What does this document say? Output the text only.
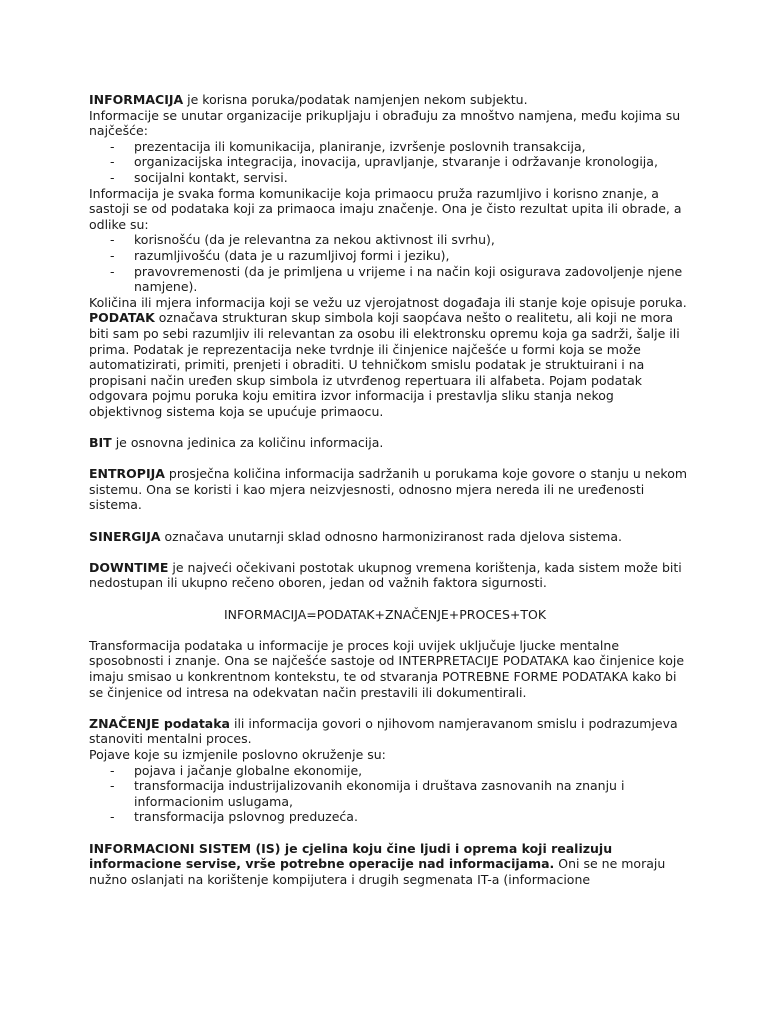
INFORMACIJA je korisna poruka/podatak namjenjen nekom subjektu.

Informacije se unutar organizacije prikupljaju i obrađuju za mnoštvo namjena, među kojima su najčešće:

- prezentacija ili komunikacija, planiranje, izvršenje poslovnih transakcija,
- organizacijska integracija, inovacija, upravljanje, stvaranje i održavanje kronologija,
- socijalni kontakt, servisi.

Informacija je svaka forma komunikacije koja primaocu pruža razumljivo i korisno znanje, a sastoji se od podataka koji za primaoca imaju značenje. Ona je čisto rezultat upita ili obrade, a odlike su:

- korisnošću (da je relevantna za nekou aktivnost ili svrhu),
- razumljivošću (data je u razumljivoj formi i jeziku),
- pravovremenosti (da je primljena u vrijeme i na način koji osigurava zadovoljenje njene namjene).

Količina ili mjera informacija koji se vežu uz vjerojatnost događaja ili stanje koje opisuje poruka.

PODATAK označava strukturan skup simbola koji saopćava nešto o realitetu, ali koji ne mora biti sam po sebi razumljiv ili relevantan za osobu ili elektronsku opremu koja ga sadrži, šalje ili prima. Podatak je reprezentacija neke tvrdnje ili činjenice najčešće u formi koja se može automatizirati, primiti, prenjeti i obraditi. U tehničkom smislu podatak je struktuirani i na propisani način uređen skup simbola iz utvrđenog repertuara ili alfabeta. Pojam podatak odgovara pojmu poruka koju emitira izvor informacija i prestavlja sliku stanja nekog objektivnog sistema koja se upućuje primaocu.

BIT je osnovna jedinica za količinu informacija.

ENTROPIJA prosječna količina informacija sadržanih u porukama koje govore o stanju u nekom sistemu. Ona se koristi i kao mjera neizvjesnosti, odnosno mjera nereda ili ne uređenosti sistema.

SINERGIJA označava unutarnji sklad odnosno harmoniziranost rada djelova sistema.

DOWNTIME je najveći očekivani postotak ukupnog vremena korištenja, kada sistem može biti nedostupan ili ukupno rečeno oboren, jedan od važnih faktora sigurnosti.

INFORMACIJA=PODATAK+ZNAČENJE+PROCES+TOK

Transformacija podataka u informacije je proces koji uvijek uključuje ljucke mentalne sposobnosti i znanje. Ona se najčešće sastoje od INTERPRETACIJE PODATAKA kao činjenice koje imaju smisao u konkrentnom kontekstu, te od stvaranja POTREBNE FORME PODATAKA kako bi se činjenice od intresa na odekvatan način prestavili ili dokumentirali.

ZNAČENJE podataka ili informacija govori o njihovom namjeravanom smislu i podrazumjeva stanoviti mentalni proces.

Pojave koje su izmjenile poslovno okruženje su:

- pojava i jačanje globalne ekonomije,
- transformacija industrijalizovanih ekonomija i društava zasnovanih na znanju i informacionim uslugama,
- transformacija pslovnog preduzeća.

INFORMACIONI SISTEM (IS) je cjelina koju čine ljudi i oprema koji realizuju informacione servise, vrše potrebne operacije nad informacijama. Oni se ne moraju nužno oslanjati na korištenje kompijutera i drugih segmenata IT-a (informacione
